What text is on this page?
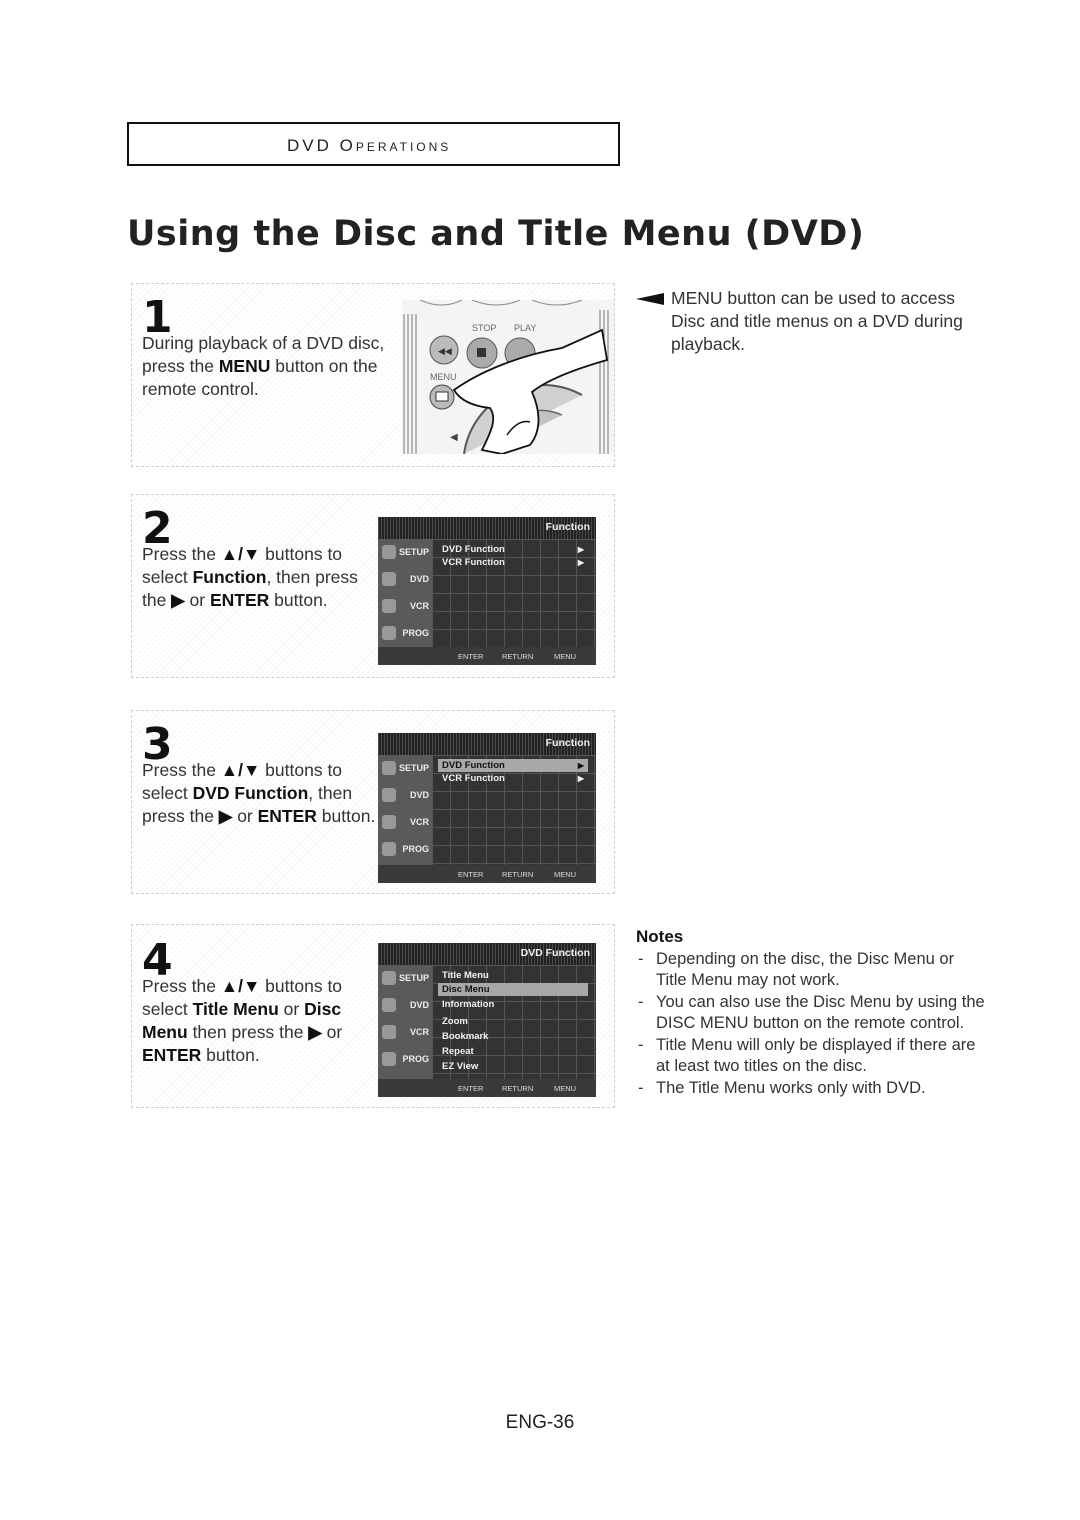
DVD OPERATIONS
Using the Disc and Title Menu (DVD)
1
During playback of a DVD disc,
press the MENU button on the
remote control.
STOP PLAY
◀◀
MENU
◀
2
Press the ▲/▼ buttons to
select Function, then press
the ▶ or ENTER button.
Function
SETUP
DVD
VCR
PROG
DVD Function	▶
VCR Function	▶
ENTER RETURN	MENU
3
Press the ▲/▼ buttons to
select DVD Function, then
press the ▶ or ENTER button.
Function
SETUP
DVD
VCR
PROG
DVD Function	▶
VCR Function	▶
ENTER RETURN	MENU
4
Press the ▲/▼ buttons to
select Title Menu or Disc
Menu then press the ▶ or
ENTER button.
DVD Function
SETUP
DVD
VCR
PROG
Title Menu
Disc Menu
Information
Zoom
Bookmark
Repeat
EZ View
ENTER RETURN	MENU
MENU button can be used to access Disc and title menus on a DVD during playback.
Notes
- Depending on the disc, the Disc Menu or Title Menu may not work.
- You can also use the Disc Menu by using the DISC MENU button on the remote control.
- Title Menu will only be displayed if there are at least two titles on the disc.
- The Title Menu works only with DVD.
ENG-36
